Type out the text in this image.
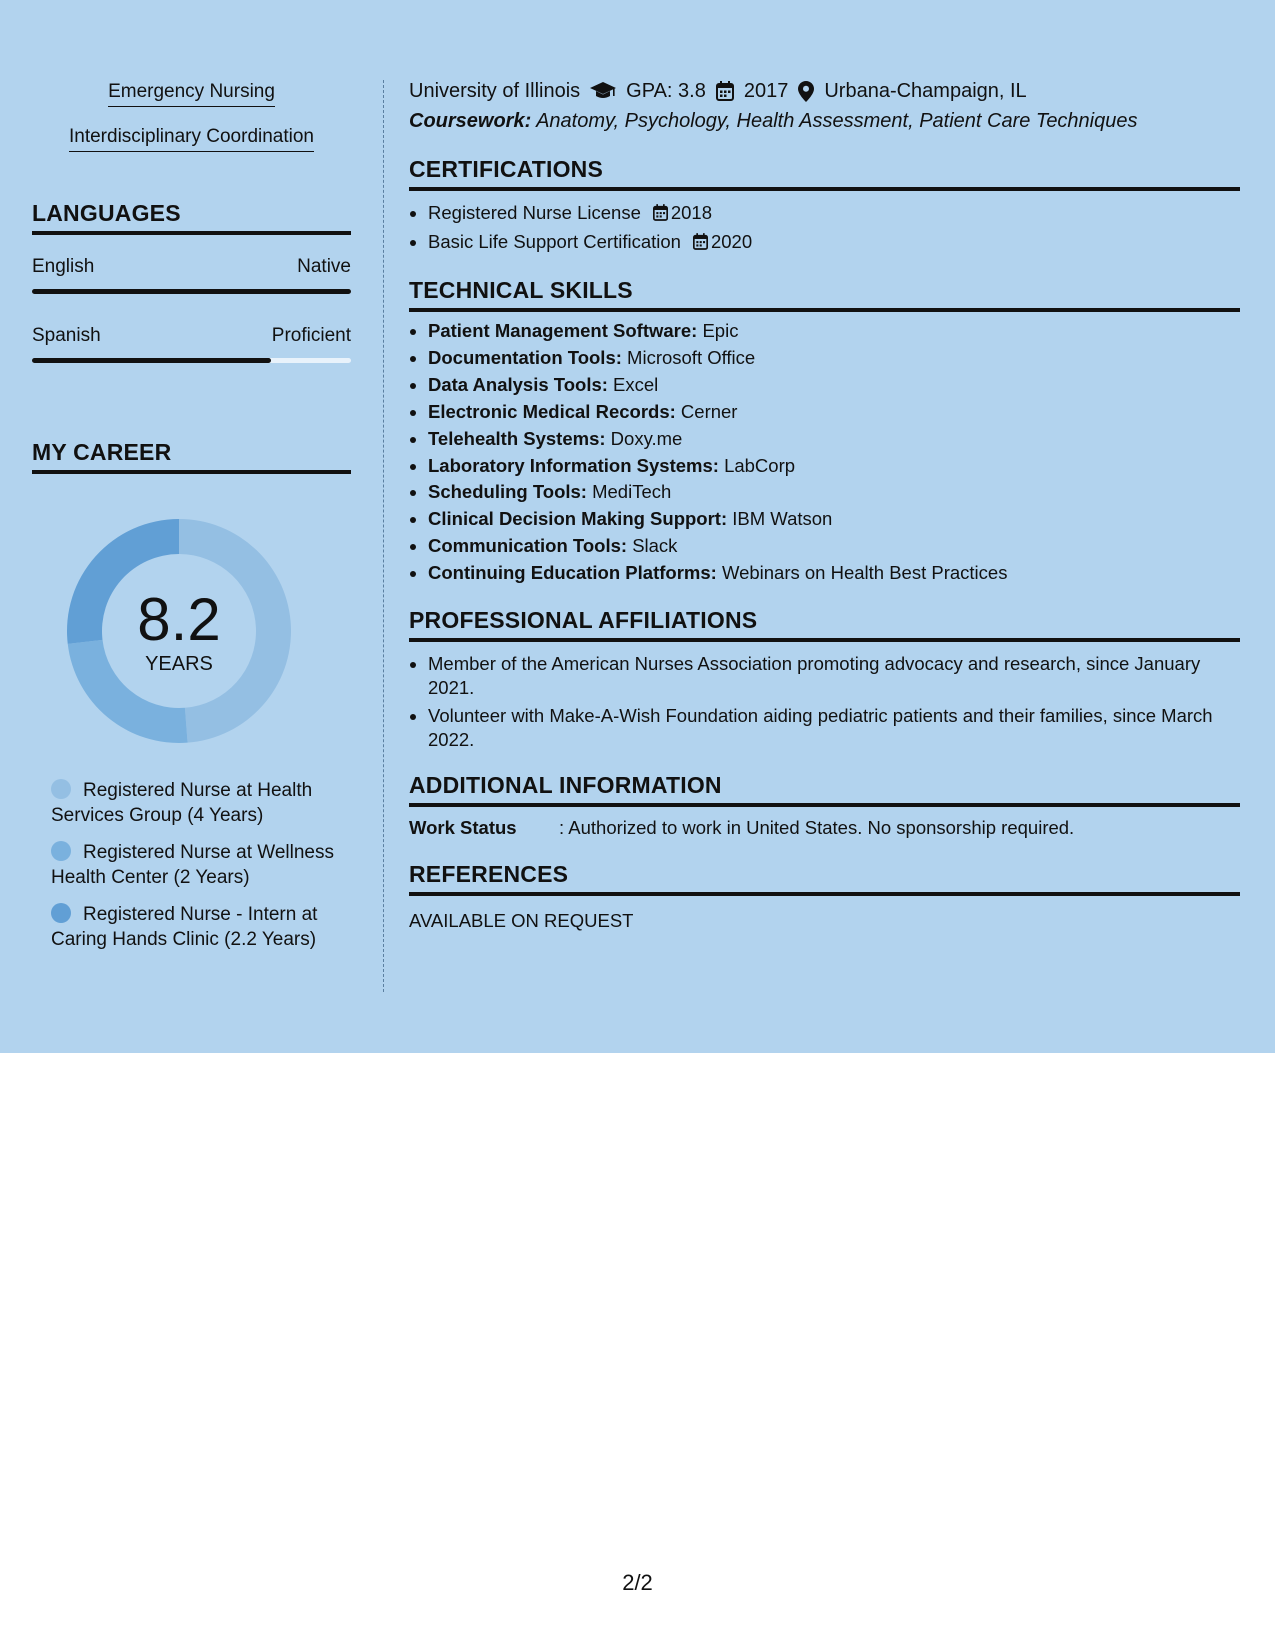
Emergency Nursing
Interdisciplinary Coordination
LANGUAGES
English	Native
Spanish	Proficient
MY CAREER
8.2
YEARS
Registered Nurse at Health Services Group (4 Years)
Registered Nurse at Wellness Health Center (2 Years)
Registered Nurse - Intern at Caring Hands Clinic (2.2 Years)
University of Illinois GPA: 3.8 2017 Urbana-Champaign, IL
Coursework: Anatomy, Psychology, Health Assessment, Patient Care Techniques
CERTIFICATIONS
• Registered Nurse License 2018
• Basic Life Support Certification 2020
TECHNICAL SKILLS
• Patient Management Software: Epic
• Documentation Tools: Microsoft Office
• Data Analysis Tools: Excel
• Electronic Medical Records: Cerner
• Telehealth Systems: Doxy.me
• Laboratory Information Systems: LabCorp
• Scheduling Tools: MediTech
• Clinical Decision Making Support: IBM Watson
• Communication Tools: Slack
• Continuing Education Platforms: Webinars on Health Best Practices
PROFESSIONAL AFFILIATIONS
• Member of the American Nurses Association promoting advocacy and research, since January 2021.
• Volunteer with Make-A-Wish Foundation aiding pediatric patients and their families, since March 2022.
ADDITIONAL INFORMATION
Work Status	: Authorized to work in United States. No sponsorship required.
REFERENCES
AVAILABLE ON REQUEST
2/2
